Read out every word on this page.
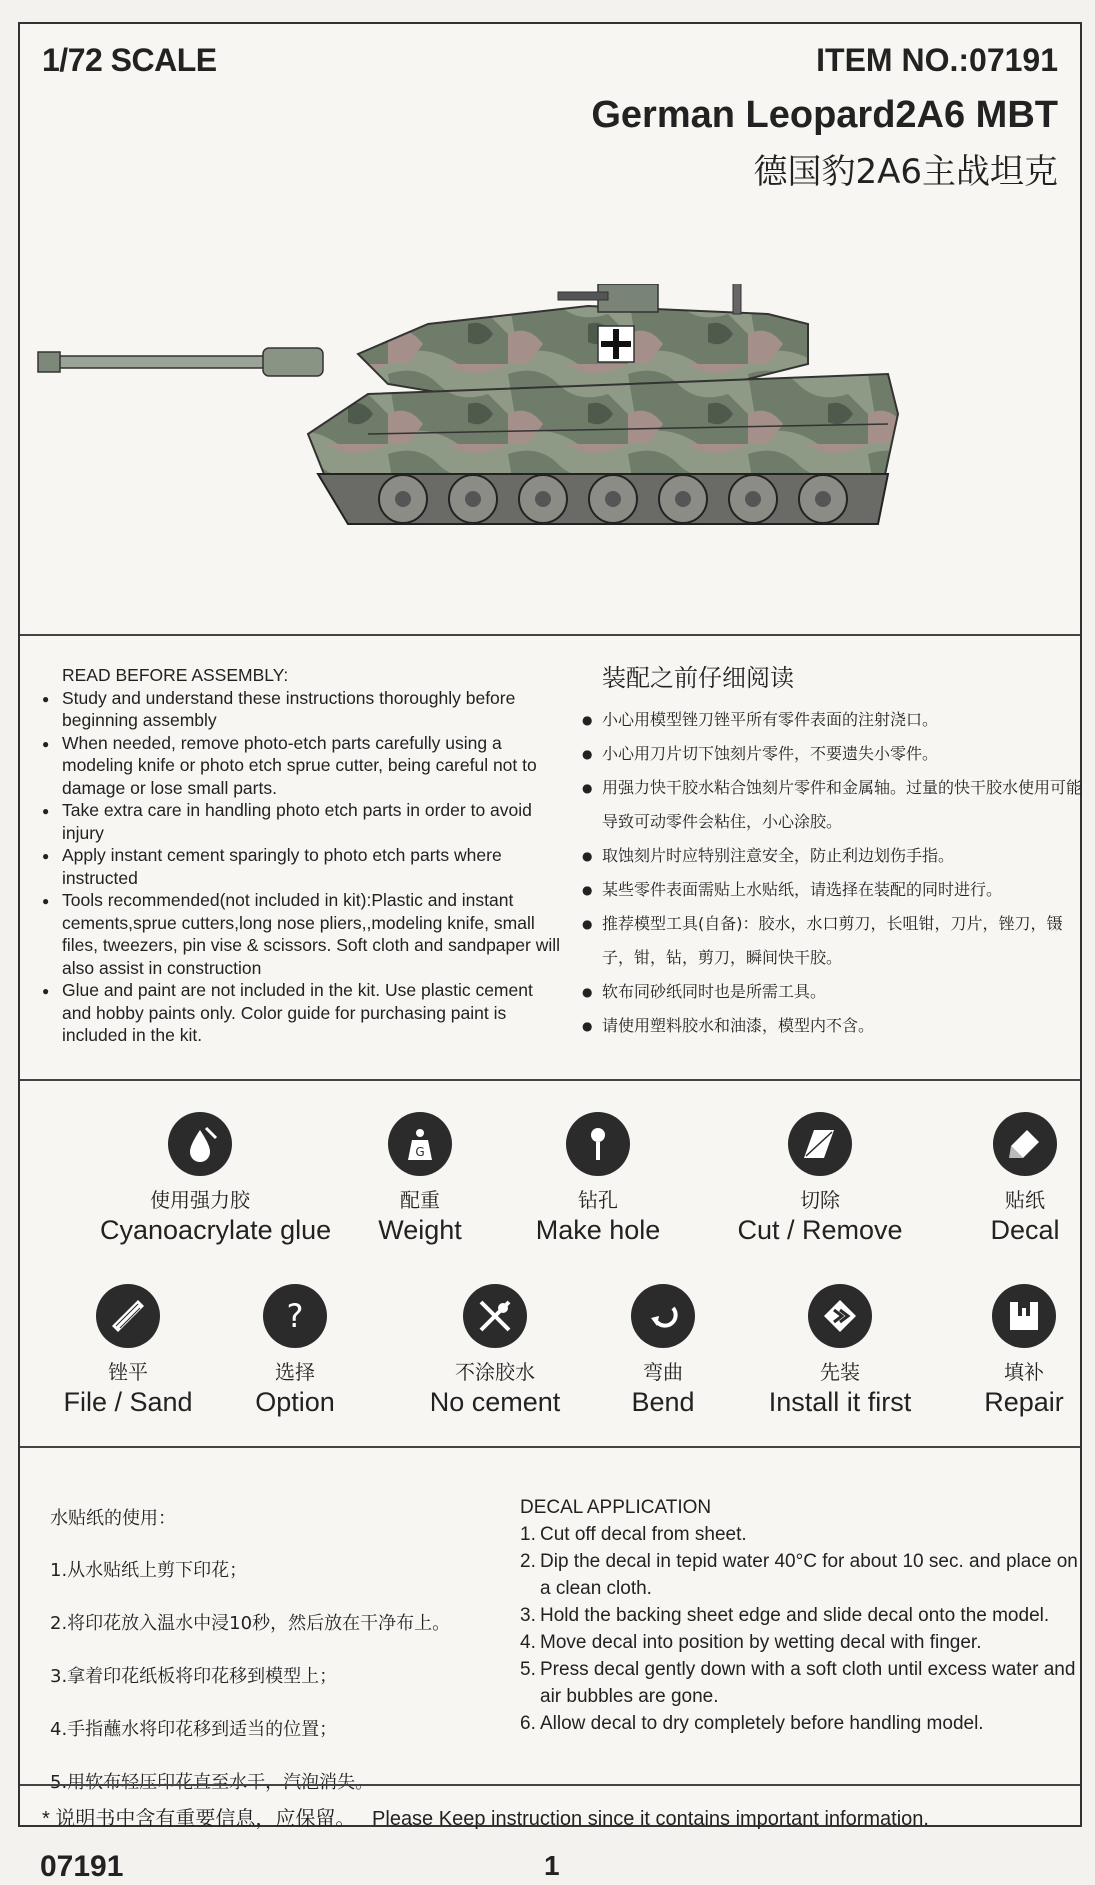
1/72 SCALE	ITEM NO.:07191
German Leopard2A6 MBT
德国豹2A6主战坦克
READ BEFORE ASSEMBLY:
● Study and understand these instructions thoroughly before beginning assembly
● When needed, remove photo-etch parts carefully using a modeling knife or photo etch sprue cutter, being careful not to damage or lose small parts.
● Take extra care in handling photo etch parts in order to avoid injury
● Apply instant cement sparingly to photo etch parts where instructed
● Tools recommended(not included in kit):Plastic and instant cements,sprue cutters,long nose pliers,,modeling knife, small files, tweezers, pin vise & scissors. Soft cloth and sandpaper will also assist in construction
● Glue and paint are not included in the kit. Use plastic cement and hobby paints only. Color guide for purchasing paint is included in the kit.
装配之前仔细阅读
● 小心用模型锉刀锉平所有零件表面的注射浇口。
● 小心用刀片切下蚀刻片零件，不要遗失小零件。
● 用强力快干胶水粘合蚀刻片零件和金属轴。过量的快干胶水使用可能导致可动零件会粘住，小心涂胶。
● 取蚀刻片时应特别注意安全，防止利边划伤手指。
● 某些零件表面需贴上水贴纸，请选择在装配的同时进行。
● 推荐模型工具(自备)：胶水，水口剪刀，长咀钳，刀片，锉刀，镊子，钳，钻，剪刀，瞬间快干胶。
● 软布同砂纸同时也是所需工具。
● 请使用塑料胶水和油漆，模型内不含。
使用强力胶
Cyanoacrylate glue
G
配重
Weight
钻孔
Make hole
切除
Cut / Remove
贴纸
Decal
锉平
File / Sand
?
选择
Option
不涂胶水
No cement
弯曲
Bend
先装
Install it first
填补
Repair
水贴纸的使用：
1.从水贴纸上剪下印花；
2.将印花放入温水中浸10秒，然后放在干净布上。
3.拿着印花纸板将印花移到模型上；
4.手指蘸水将印花移到适当的位置；
5.用软布轻压印花直至水干，汽泡消失。
DECAL APPLICATION
1. Cut off decal from sheet.
2. Dip the decal in tepid water 40°C for about 10 sec. and place on a clean cloth.
3. Hold the backing sheet edge and slide decal onto the model.
4. Move decal into position by wetting decal with finger.
5. Press decal gently down with a soft cloth until excess water and air bubbles are gone.
6. Allow decal to dry completely before handling model.
* 说明书中含有重要信息，应保留。 Please Keep instruction since it contains important information.
07191	1
